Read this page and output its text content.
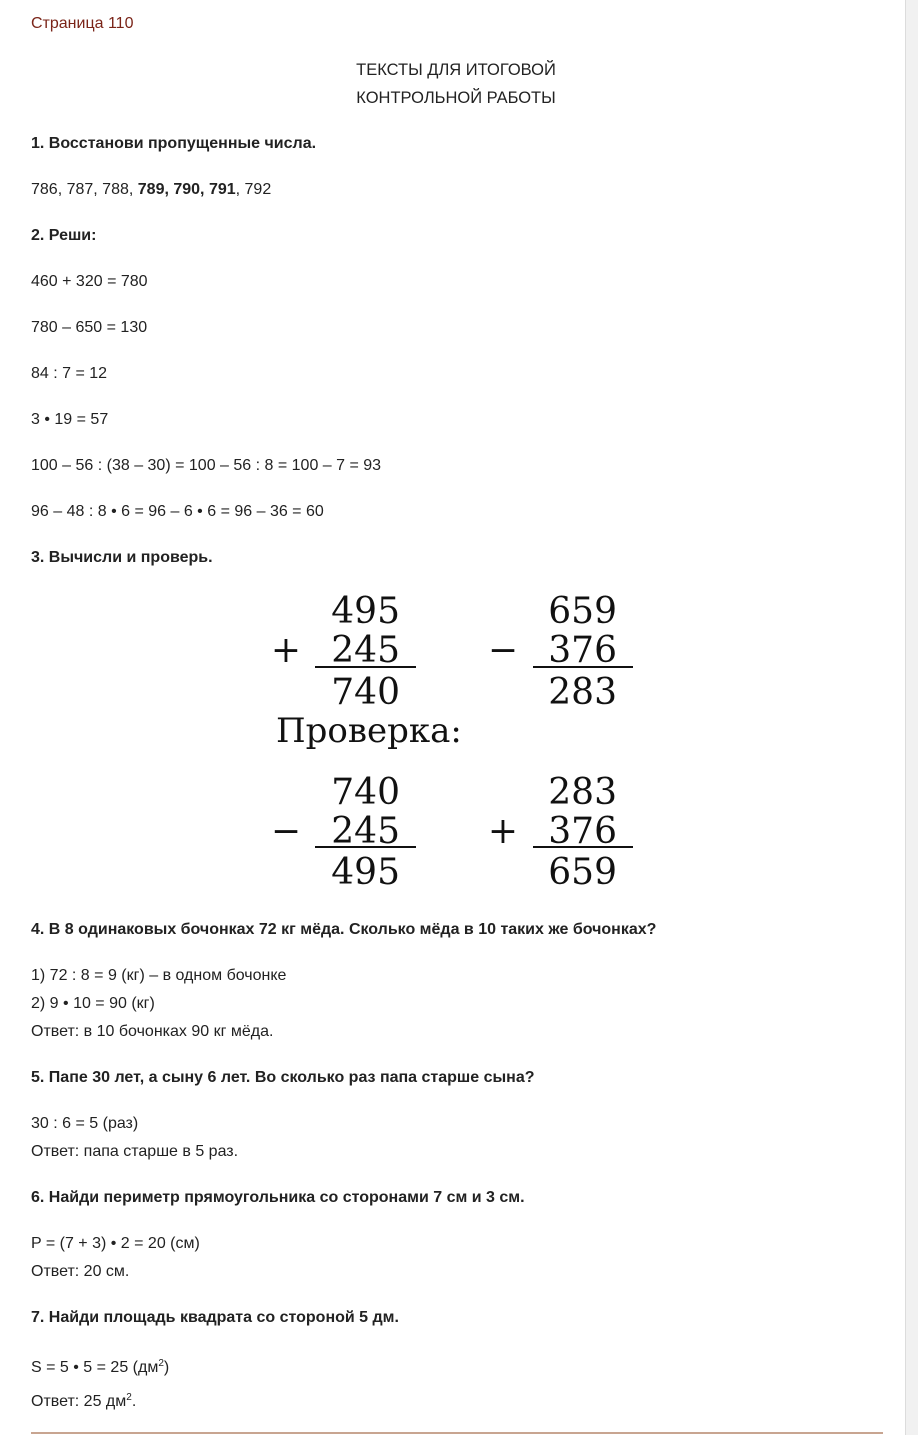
Страница 110
ТЕКСТЫ ДЛЯ ИТОГОВОЙ
КОНТРОЛЬНОЙ РАБОТЫ
1. Восстанови пропущенные числа.
786, 787, 788, 789, 790, 791, 792
2. Реши:
460 + 320 = 780
780 – 650 = 130
84 : 7 = 12
3 • 19 = 57
100 – 56 : (38 – 30) = 100 – 56 : 8 = 100 – 7 = 93
96 – 48 : 8 • 6 = 96 – 6 • 6 = 96 – 36 = 60
3. Вычисли и проверь.
+
495
245
740
−
659
376
283
Проверка:
−
740
245
495
+
283
376
659
4. В 8 одинаковых бочонках 72 кг мёда. Сколько мёда в 10 таких же бочонках?
1) 72 : 8 = 9 (кг) – в одном бочонке
2) 9 • 10 = 90 (кг)
Ответ: в 10 бочонках 90 кг мёда.
5. Папе 30 лет, а сыну 6 лет. Во сколько раз папа старше сына?
30 : 6 = 5 (раз)
Ответ: папа старше в 5 раз.
6. Найди периметр прямоугольника со сторонами 7 см и 3 см.
P = (7 + 3) • 2 = 20 (см)
Ответ: 20 см.
7. Найди площадь квадрата со стороной 5 дм.
S = 5 • 5 = 25 $(дм^2)$
Ответ: 25 $дм^2$.
